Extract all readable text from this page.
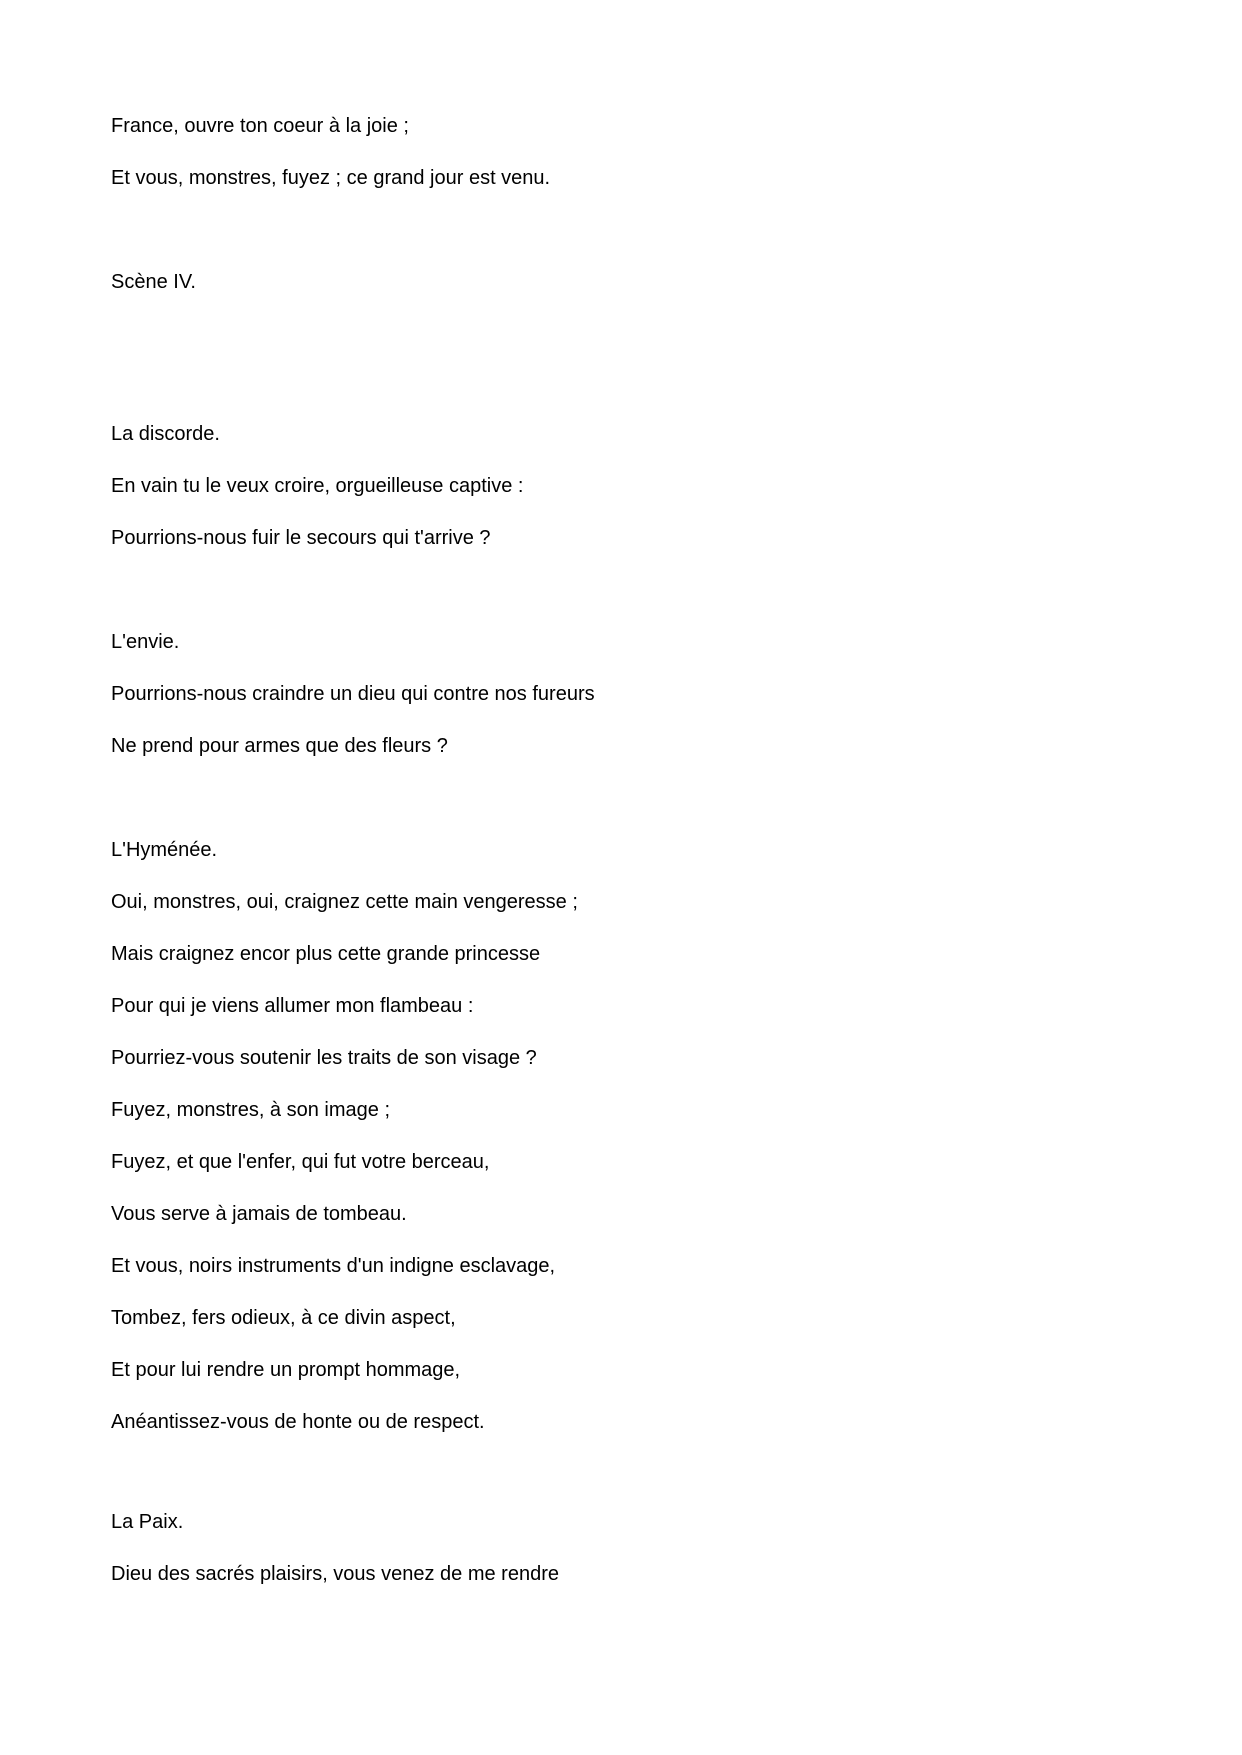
France, ouvre ton coeur à la joie ;
Et vous, monstres, fuyez ; ce grand jour est venu.
Scène IV.
La discorde.
En vain tu le veux croire, orgueilleuse captive :
Pourrions-nous fuir le secours qui t'arrive ?
L'envie.
Pourrions-nous craindre un dieu qui contre nos fureurs
Ne prend pour armes que des fleurs ?
L'Hyménée.
Oui, monstres, oui, craignez cette main vengeresse ;
Mais craignez encor plus cette grande princesse
Pour qui je viens allumer mon flambeau :
Pourriez-vous soutenir les traits de son visage ?
Fuyez, monstres, à son image ;
Fuyez, et que l'enfer, qui fut votre berceau,
Vous serve à jamais de tombeau.
Et vous, noirs instruments d'un indigne esclavage,
Tombez, fers odieux, à ce divin aspect,
Et pour lui rendre un prompt hommage,
Anéantissez-vous de honte ou de respect.
La Paix.
Dieu des sacrés plaisirs, vous venez de me rendre
